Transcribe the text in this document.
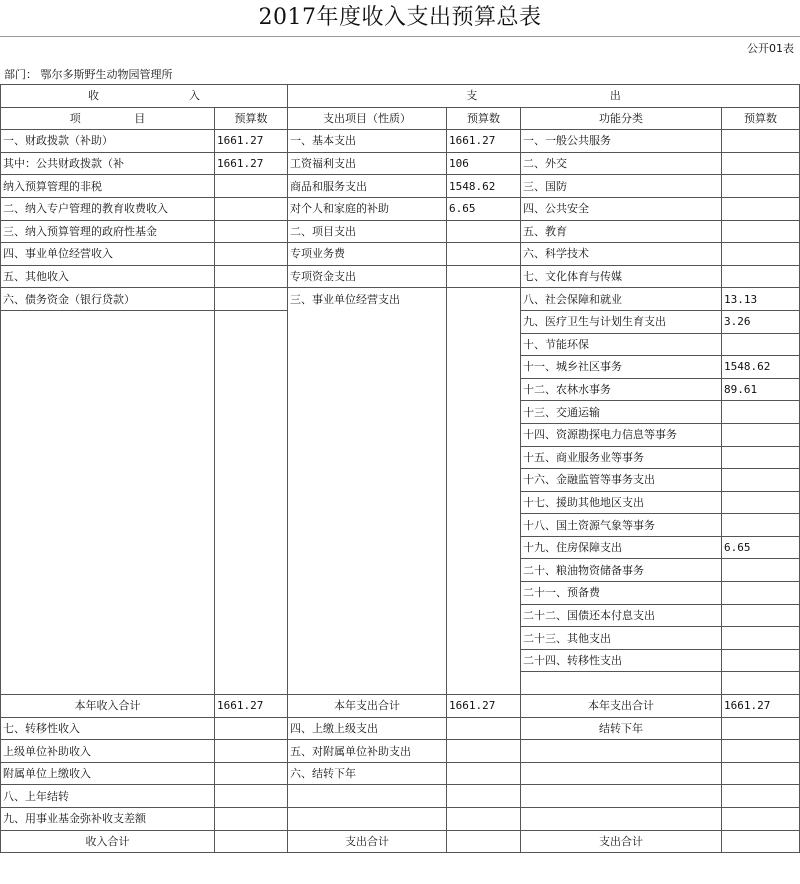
2017年度收入支出预算总表
公开01表
部门： 鄂尔多斯野生动物园管理所
收 入		支 出			

项 目	预算数	支出项目（性质）	预算数	功能分类	预算数
一、财政拨款（补助）	1661.27	一、基本支出	1661.27	一、一般公共服务	
其中：公共财政拨款（补	1661.27	工资福利支出	106	二、外交	
纳入预算管理的非税		商品和服务支出	1548.62	三、国防	
二、纳入专户管理的教育收费收入		对个人和家庭的补助	6.65	四、公共安全	
三、纳入预算管理的政府性基金		二、项目支出		五、教育	
四、事业单位经营收入		专项业务费		六、科学技术	
五、其他收入		专项资金支出		七、文化体育与传媒	
六、债务资金（银行贷款）		三、事业单位经营支出		八、社会保障和就业	13.13
				九、医疗卫生与计划生育支出	3.26
				十、节能环保	
				十一、城乡社区事务	1548.62
				十二、农林水事务	89.61
				十三、交通运输	
				十四、资源勘探电力信息等事务	
				十五、商业服务业等事务	
				十六、金融监管等事务支出	
				十七、援助其他地区支出	
				十八、国土资源气象等事务	
				十九、住房保障支出	6.65
				二十、粮油物资储备事务	
				二十一、预备费	
				二十二、国债还本付息支出	
				二十三、其他支出	
				二十四、转移性支出	

本年收入合计	1661.27	本年支出合计	1661.27	本年支出合计	1661.27
七、转移性收入		四、上缴上级支出		结转下年	
上级单位补助收入		五、对附属单位补助支出			
附属单位上缴收入		六、结转下年			
八、上年结转					
九、用事业基金弥补收支差额					
收入合计		支出合计		支出合计	
